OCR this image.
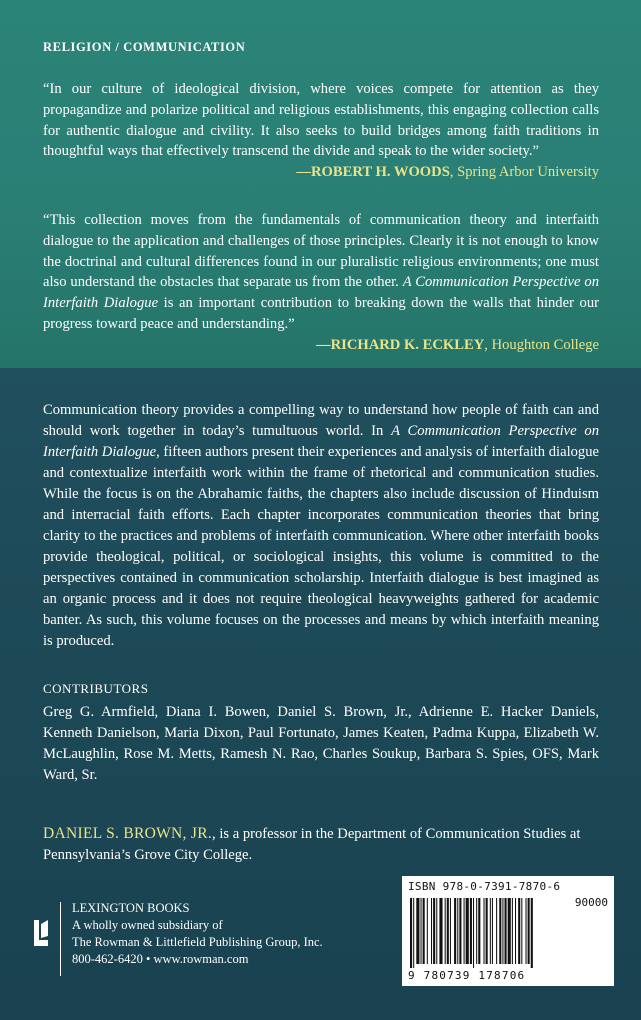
RELIGION / COMMUNICATION
“In our culture of ideological division, where voices compete for attention as they propagandize and polarize political and religious establishments, this engaging collection calls for authentic dialogue and civility. It also seeks to build bridges among faith traditions in thoughtful ways that effectively transcend the divide and speak to the wider society.”
—ROBERT H. WOODS, Spring Arbor University
“This collection moves from the fundamentals of communication theory and interfaith dialogue to the application and challenges of those principles. Clearly it is not enough to know the doctrinal and cultural differences found in our pluralistic religious environments; one must also understand the obstacles that separate us from the other. A Communication Perspective on Interfaith Dialogue is an important contribution to breaking down the walls that hinder our progress toward peace and understanding.”
—RICHARD K. ECKLEY, Houghton College
Communication theory provides a compelling way to understand how people of faith can and should work together in today’s tumultuous world. In A Communication Perspective on Interfaith Dialogue, fifteen authors present their experiences and analysis of interfaith dialogue and contextualize interfaith work within the frame of rhetorical and communication studies. While the focus is on the Abrahamic faiths, the chapters also include discussion of Hinduism and interracial faith efforts. Each chapter incorporates communication theories that bring clarity to the practices and problems of interfaith communication. Where other interfaith books provide theological, political, or sociological insights, this volume is committed to the perspectives contained in communication scholarship. Interfaith dialogue is best imagined as an organic process and it does not require theological heavyweights gathered for academic banter. As such, this volume focuses on the processes and means by which interfaith meaning is produced.
CONTRIBUTORS
Greg G. Armfield, Diana I. Bowen, Daniel S. Brown, Jr., Adrienne E. Hacker Daniels, Kenneth Danielson, Maria Dixon, Paul Fortunato, James Keaten, Padma Kuppa, Elizabeth W. McLaughlin, Rose M. Metts, Ramesh N. Rao, Charles Soukup, Barbara S. Spies, OFS, Mark Ward, Sr.
DANIEL S. BROWN, JR., is a professor in the Department of Communication Studies at Pennsylvania’s Grove City College.
LEXINGTON BOOKS
A wholly owned subsidiary of
The Rowman & Littlefield Publishing Group, Inc.
800-462-6420 • www.rowman.com
ISBN 978-0-7391-7870-6
90000
9 780739 178706
